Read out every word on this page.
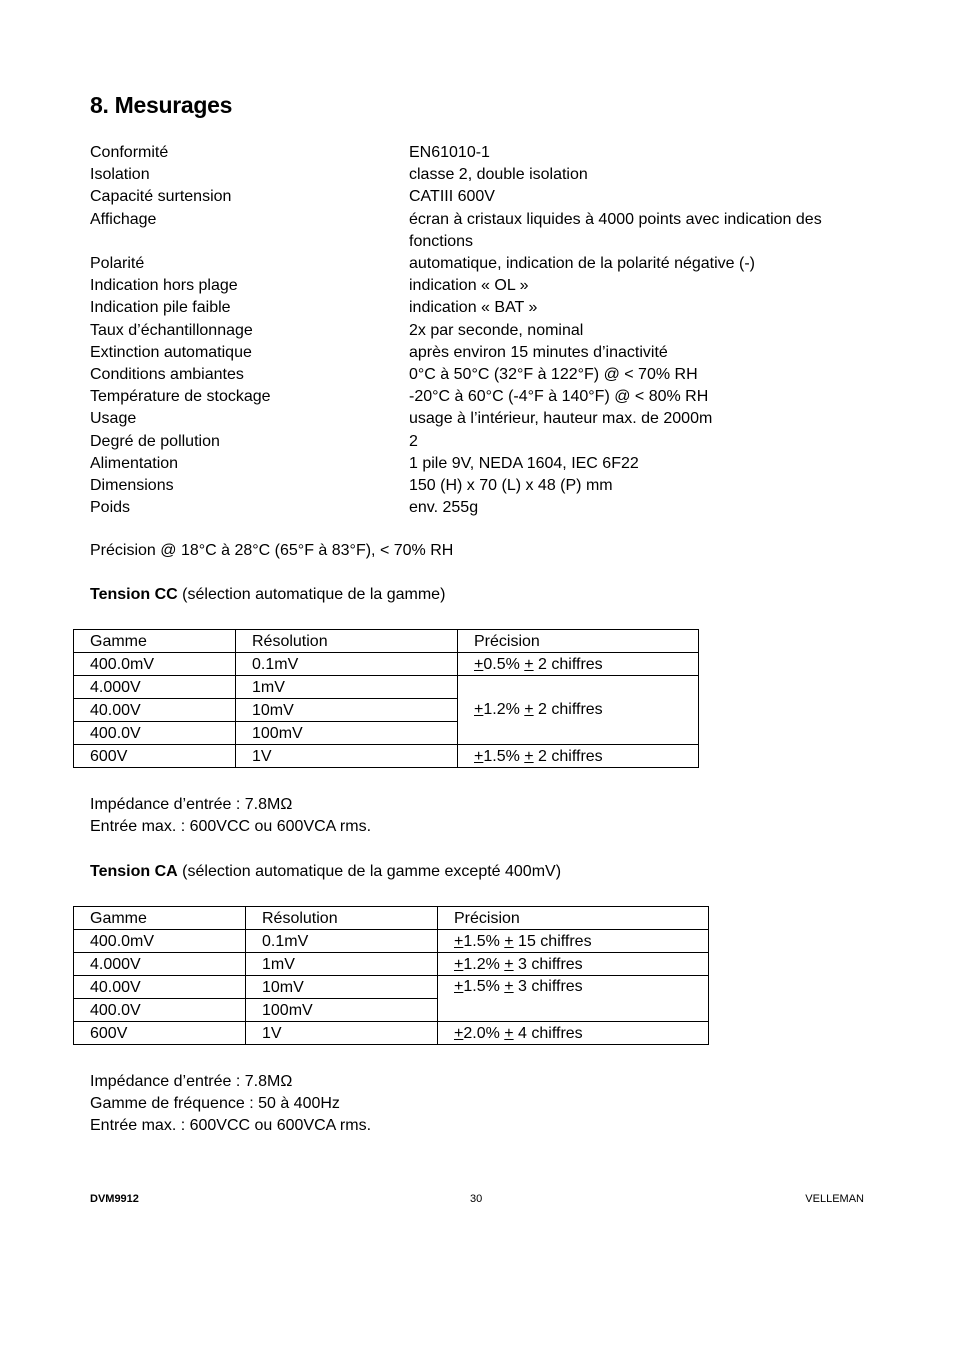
8. Mesurages
Conformité	EN61010-1
Isolation	classe 2, double isolation
Capacité surtension	CATIII 600V
Affichage	écran à cristaux liquides à 4000 points avec indication des
fonctions
Polarité	automatique, indication de la polarité négative (-)
Indication hors plage	indication « OL »
Indication pile faible	indication « BAT »
Taux d’échantillonnage	2x par seconde, nominal
Extinction automatique	après environ 15 minutes d’inactivité
Conditions ambiantes	0°C à 50°C (32°F à 122°F) @ < 70% RH
Température de stockage	-20°C à 60°C (-4°F à 140°F) @ < 80% RH
Usage	usage à l’intérieur, hauteur max. de 2000m
Degré de pollution	2
Alimentation	1 pile 9V, NEDA 1604, IEC 6F22
Dimensions	150 (H) x 70 (L) x 48 (P) mm
Poids	env. 255g
Précision @ 18°C à 28°C (65°F à 83°F), < 70% RH
Tension CC (sélection automatique de la gamme)
Gamme	Résolution	Précision
400.0mV	0.1mV	+0.5% + 2 chiffres
4.000V	1mV	+1.2% + 2 chiffres
40.00V	10mV	
400.0V	100mV	
600V	1V	+1.5% + 2 chiffres
Impédance d’entrée : 7.8MΩ
Entrée max. : 600VCC ou 600VCA rms.
Tension CA (sélection automatique de la gamme excepté 400mV)
Gamme	Résolution	Précision
400.0mV	0.1mV	+1.5% + 15 chiffres
4.000V	1mV	+1.2% + 3 chiffres
40.00V	10mV	+1.5% + 3 chiffres
400.0V	100mV	
600V	1V	+2.0% + 4 chiffres
Impédance d’entrée : 7.8MΩ
Gamme de fréquence : 50 à 400Hz
Entrée max. : 600VCC ou 600VCA rms.
DVM9912	30	VELLEMAN
